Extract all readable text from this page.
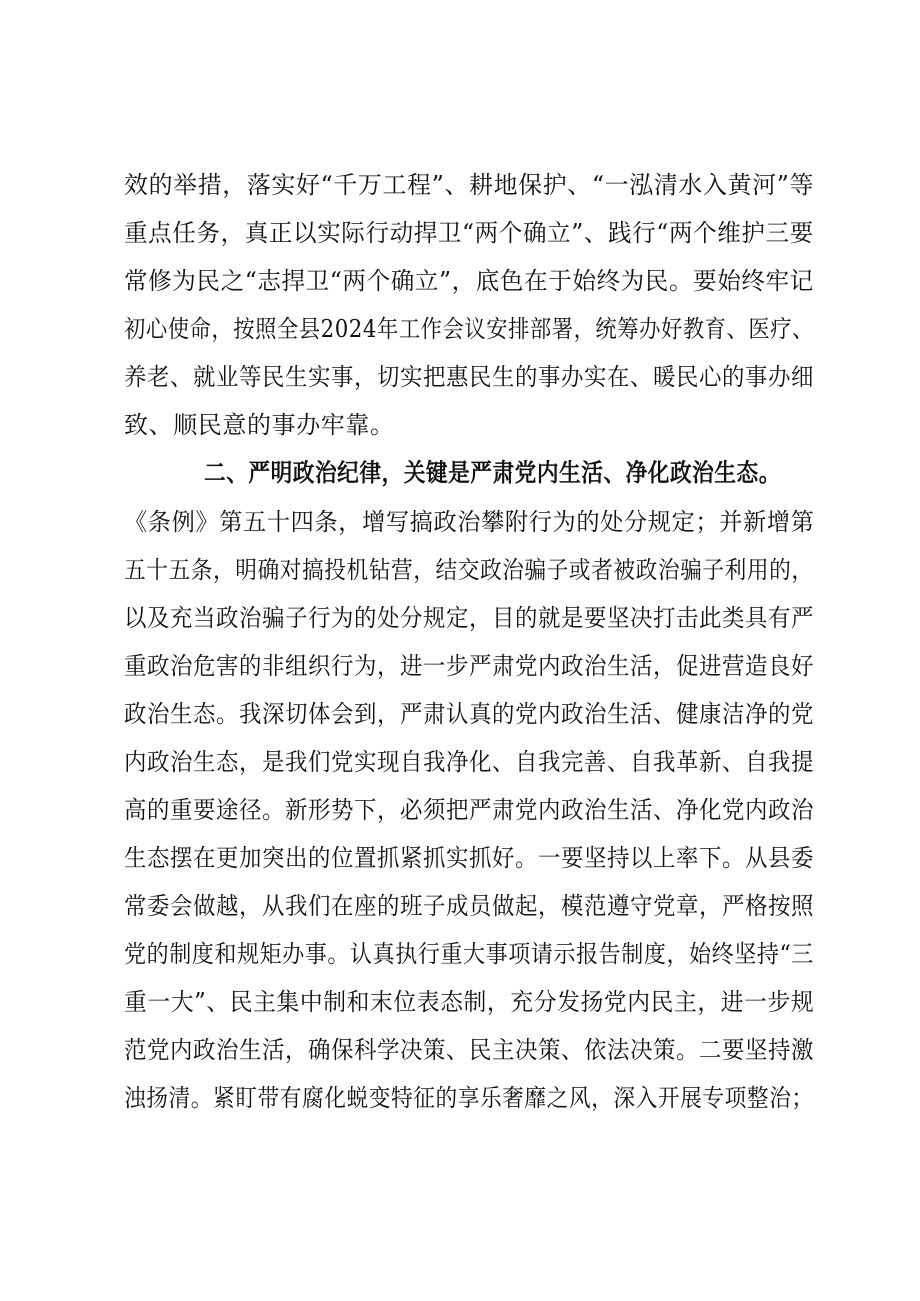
效的举措，落实好“千万工程”、耕地保护、“一泓清水入黄河”等
重点任务，真正以实际行动捍卫“两个确立”、践行“两个维护三要
常修为民之“志捍卫“两个确立”，底色在于始终为民。要始终牢记
初心使命，按照全县2024年工作会议安排部署，统筹办好教育、医疗、
养老、就业等民生实事，切实把惠民生的事办实在、暖民心的事办细
致、顺民意的事办牢靠。
二、严明政治纪律，关键是严肃党内生活、净化政治生态。
《条例》第五十四条，增写搞政治攀附行为的处分规定；并新增第
五十五条，明确对搞投机钻营，结交政治骗子或者被政治骗子利用的，
以及充当政治骗子行为的处分规定，目的就是要坚决打击此类具有严
重政治危害的非组织行为，进一步严肃党内政治生活，促进营造良好
政治生态。我深切体会到，严肃认真的党内政治生活、健康洁净的党
内政治生态，是我们党实现自我净化、自我完善、自我革新、自我提
高的重要途径。新形势下，必须把严肃党内政治生活、净化党内政治
生态摆在更加突出的位置抓紧抓实抓好。一要坚持以上率下。从县委
常委会做越，从我们在座的班子成员做起，模范遵守党章，严格按照
党的制度和规矩办事。认真执行重大事项请示报告制度，始终坚持“三
重一大”、民主集中制和末位表态制，充分发扬党内民主，进一步规
范党内政治生活，确保科学决策、民主决策、依法决策。二要坚持激
浊扬清。紧盯带有腐化蜕变特征的享乐奢靡之风，深入开展专项整治；
